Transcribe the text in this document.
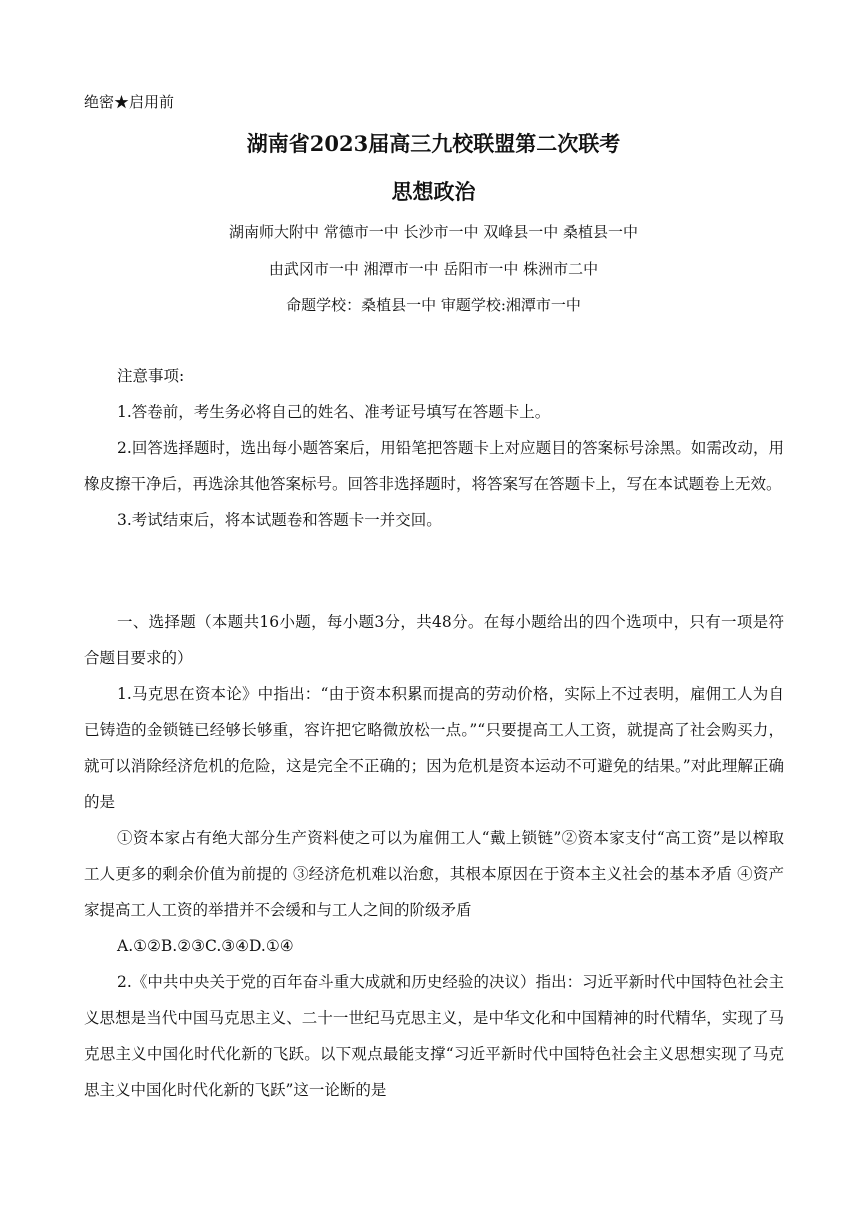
绝密★启用前
湖南省2023届高三九校联盟第二次联考
思想政治
湖南师大附中 常德市一中 长沙市一中 双峰县一中 桑植县一中
由武冈市一中 湘潭市一中 岳阳市一中 株洲市二中
命题学校：桑植县一中 审题学校:湘潭市一中

注意事项:

1.答卷前，考生务必将自己的姓名、准考证号填写在答题卡上。

2.回答选择题时，选出每小题答案后，用铅笔把答题卡上对应题目的答案标号涂黑。如需改动，用橡皮擦干净后，再选涂其他答案标号。回答非选择题时，将答案写在答题卡上，写在本试题卷上无效。

3.考试结束后，将本试题卷和答题卡一并交回。

一、选择题（本题共16小题，每小题3分，共48分。在每小题给出的四个选项中，只有一项是符合题目要求的）

1.马克思在资本论》中指出：“由于资本积累而提高的劳动价格，实际上不过表明，雇佣工人为自已铸造的金锁链已经够长够重，容许把它略微放松一点。”“只要提高工人工资，就提高了社会购买力，就可以消除经济危机的危险，这是完全不正确的；因为危机是资本运动不可避免的结果。”对此理解正确的是

①资本家占有绝大部分生产资料使之可以为雇佣工人“戴上锁链”②资本家支付“高工资”是以榨取工人更多的剩余价值为前提的 ③经济危机难以治愈，其根本原因在于资本主义社会的基本矛盾 ④资产家提高工人工资的举措并不会缓和与工人之间的阶级矛盾

A.①②B.②③C.③④D.①④

2.《中共中央关于党的百年奋斗重大成就和历史经验的决议）指出：习近平新时代中国特色社会主义思想是当代中国马克思主义、二十一世纪马克思主义，是中华文化和中国精神的时代精华，实现了马克思主义中国化时代化新的飞跃。以下观点最能支撑“习近平新时代中国特色社会主义思想实现了马克思主义中国化时代化新的飞跃”这一论断的是
